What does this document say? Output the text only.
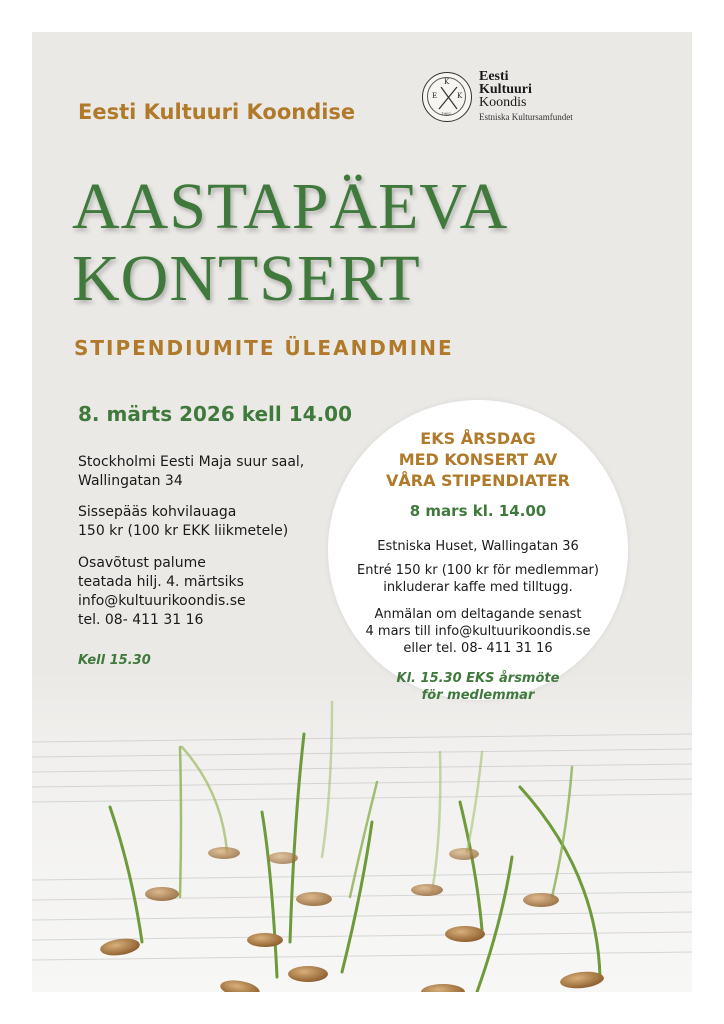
K
E	K
1962
Eesti
Kultuuri
Koondis
Estniska Kultursamfundet
Eesti Kultuuri Koondise
AASTAPÄEVA
KONTSERT
STIPENDIUMITE ÜLEANDMINE
8. märts 2026 kell 14.00
Stockholmi Eesti Maja suur saal,
Wallingatan 34
Sissepääs kohvilauaga
150 kr (100 kr EKK liikmetele)
Osavõtust palume
teatada hilj. 4. märtsiks
info@kultuurikoondis.se
tel. 08- 411 31 16
Kell 15.30
EKS ÅRSDAG
MED KONSERT AV
VÅRA STIPENDIATER
8 mars kl. 14.00
Estniska Huset, Wallingatan 36
Entré 150 kr (100 kr för medlemmar)
inkluderar kaffe med tilltugg.
Anmälan om deltagande senast
4 mars till info@kultuurikoondis.se
eller tel. 08- 411 31 16
Kl. 15.30 EKS årsmöte
för medlemmar
